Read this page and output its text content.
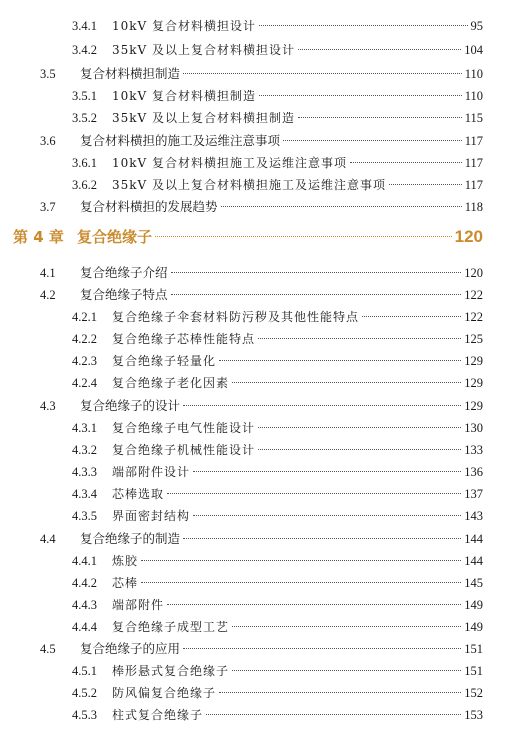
3.4.1	10kV 复合材料横担设计	95
3.4.2	35kV 及以上复合材料横担设计	104
3.5	复合材料横担制造	110
3.5.1	10kV 复合材料横担制造	110
3.5.2	35kV 及以上复合材料横担制造	115
3.6	复合材料横担的施工及运维注意事项	117
3.6.1	10kV 复合材料横担施工及运维注意事项	117
3.6.2	35kV 及以上复合材料横担施工及运维注意事项	117
3.7	复合材料横担的发展趋势	118
第 4 章 复合绝缘子	120
4.1	复合绝缘子介绍	120
4.2	复合绝缘子特点	122
4.2.1	复合绝缘子伞套材料防污秽及其他性能特点	122
4.2.2	复合绝缘子芯棒性能特点	125
4.2.3	复合绝缘子轻量化	129
4.2.4	复合绝缘子老化因素	129
4.3	复合绝缘子的设计	129
4.3.1	复合绝缘子电气性能设计	130
4.3.2	复合绝缘子机械性能设计	133
4.3.3	端部附件设计	136
4.3.4	芯棒选取	137
4.3.5	界面密封结构	143
4.4	复合绝缘子的制造	144
4.4.1	炼胶	144
4.4.2	芯棒	145
4.4.3	端部附件	149
4.4.4	复合绝缘子成型工艺	149
4.5	复合绝缘子的应用	151
4.5.1	棒形悬式复合绝缘子	151
4.5.2	防风偏复合绝缘子	152
4.5.3	柱式复合绝缘子	153
